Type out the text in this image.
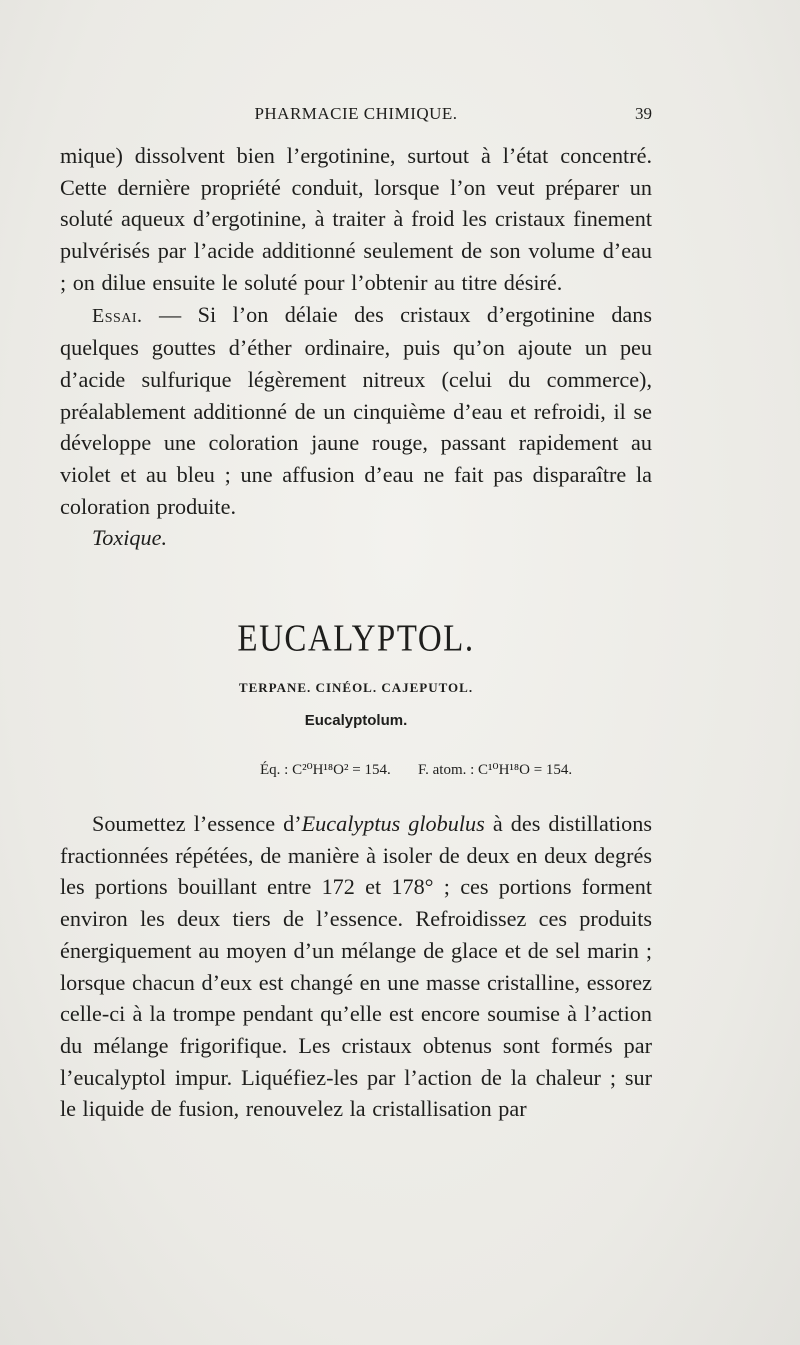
PHARMACIE CHIMIQUE.	39

mique) dissolvent bien l’ergotinine, surtout à l’état concentré. Cette dernière propriété conduit, lorsque l’on veut préparer un soluté aqueux d’ergotinine, à traiter à froid les cristaux finement pulvérisés par l’acide additionné seulement de son volume d’eau ; on dilue ensuite le soluté pour l’obtenir au titre désiré.

Essai. — Si l’on délaie des cristaux d’ergotinine dans quelques gouttes d’éther ordinaire, puis qu’on ajoute un peu d’acide sulfurique légèrement nitreux (celui du commerce), préalablement additionné de un cinquième d’eau et refroidi, il se développe une coloration jaune rouge, passant rapidement au violet et au bleu ; une affusion d’eau ne fait pas disparaître la coloration produite.

Toxique.

EUCALYPTOL.
TERPANE. CINÉOL. CAJEPUTOL.
Eucalyptolum.
Éq. : C²⁰H¹⁸O² = 154. F. atom. : C¹⁰H¹⁸O = 154.

Soumettez l’essence d’Eucalyptus globulus à des distillations fractionnées répétées, de manière à isoler de deux en deux degrés les portions bouillant entre 172 et 178° ; ces portions forment environ les deux tiers de l’essence. Refroidissez ces produits énergiquement au moyen d’un mélange de glace et de sel marin ; lorsque chacun d’eux est changé en une masse cristalline, essorez celle-ci à la trompe pendant qu’elle est encore soumise à l’action du mélange frigorifique. Les cristaux obtenus sont formés par l’eucalyptol impur. Liquéfiez-les par l’action de la chaleur ; sur le liquide de fusion, renouvelez la cristallisation par
